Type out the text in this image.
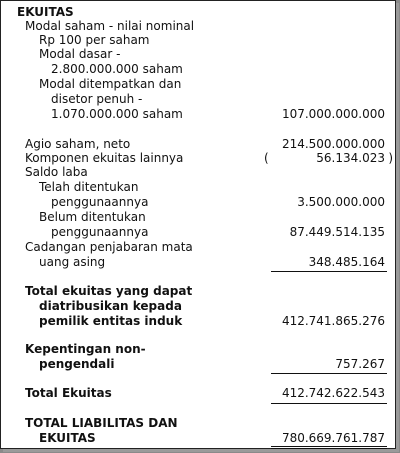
EKUITAS
Modal saham - nilai nominal
Rp 100 per saham
Modal dasar -
2.800.000.000 saham
Modal ditempatkan dan
disetor penuh -
1.070.000.000 saham	107.000.000.000
Agio saham, neto	214.500.000.000
Komponen ekuitas lainnya	(	56.134.023 )
Saldo laba
Telah ditentukan
penggunaannya	3.500.000.000
Belum ditentukan
penggunaannya	87.449.514.135
Cadangan penjabaran mata
uang asing	348.485.164
Total ekuitas yang dapat
diatribusikan kepada
pemilik entitas induk	412.741.865.276
Kepentingan non-
pengendali	757.267
Total Ekuitas	412.742.622.543
TOTAL LIABILITAS DAN
EKUITAS	780.669.761.787
